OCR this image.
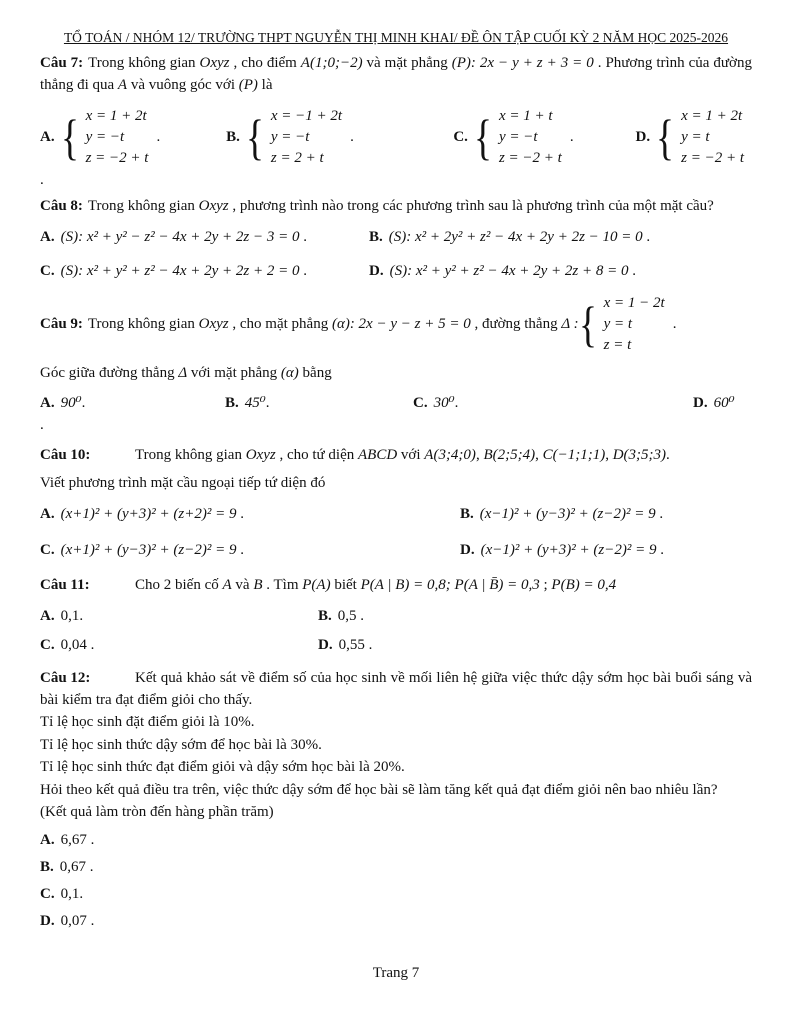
TỔ TOÁN / NHÓM 12/ TRƯỜNG THPT NGUYỄN THỊ MINH KHAI/ ĐỀ ÔN TẬP CUỐI KỲ 2 NĂM HỌC 2025-2026

Câu 7: Trong không gian Oxyz , cho điểm A(1;0;−2) và mặt phẳng (P): 2x − y + z + 3 = 0 . Phương trình của đường thẳng đi qua A và vuông góc với (P) là

A. { x = 1 + 2t
y = −t
z = −2 + t
.	B. { x = −1 + 2t
y = −t
z = 2 + t
.	C. { x = 1 + t
y = −t
z = −2 + t
.	D. { x = 1 + 2t
y = t
z = −2 + t

.

Câu 8: Trong không gian Oxyz , phương trình nào trong các phương trình sau là phương trình của một mặt cầu?

A. (S): x² + y² − z² − 4x + 2y + 2z − 3 = 0 .	B. (S): x² + 2y² + z² − 4x + 2y + 2z − 10 = 0 .
C. (S): x² + y² + z² − 4x + 2y + 2z + 2 = 0 .	D. (S): x² + y² + z² − 4x + 2y + 2z + 8 = 0 .
Câu 9: Trong không gian Oxyz , cho mặt phẳng (α): 2x − y − z + 5 = 0 , đường thẳng Δ : { x = 1 − 2t
y = t
z = t
.

Góc giữa đường thẳng Δ với mặt phẳng (α) bằng

A. 90⁰.	B. 45⁰.	C. 30⁰.	D. 60⁰

.

Câu 10:	Trong không gian Oxyz , cho tứ diện ABCD với A(3;4;0), B(2;5;4), C(−1;1;1), D(3;5;3).

Viết phương trình mặt cầu ngoại tiếp tứ diện đó

A. (x+1)² + (y+3)² + (z+2)² = 9 .	B. (x−1)² + (y−3)² + (z−2)² = 9 .
C. (x+1)² + (y−3)² + (z−2)² = 9 .	D. (x−1)² + (y+3)² + (z−2)² = 9 .

Câu 11:	Cho 2 biến cố A và B . Tìm P(A) biết P(A | B) = 0,8; P(A | B̄) = 0,3 ; P(B) = 0,4

A. 0,1.	B. 0,5 .
C. 0,04 .	D. 0,55 .

Câu 12:	Kết quả khảo sát về điểm số của học sinh về mối liên hệ giữa việc thức dậy sớm học bài buổi sáng và bài kiểm tra đạt điểm giỏi cho thấy.

Tỉ lệ học sinh đặt điểm giỏi là 10%.

Tỉ lệ học sinh thức dậy sớm để học bài là 30%.

Tỉ lệ học sinh thức đạt điểm giỏi và dậy sớm học bài là 20%.

Hỏi theo kết quả điều tra trên, việc thức dậy sớm để học bài sẽ làm tăng kết quả đạt điểm giỏi nên bao nhiêu lần?

(Kết quả làm tròn đến hàng phần trăm)

A. 6,67 .

B. 0,67 .

C. 0,1.

D. 0,07 .

Trang 7
